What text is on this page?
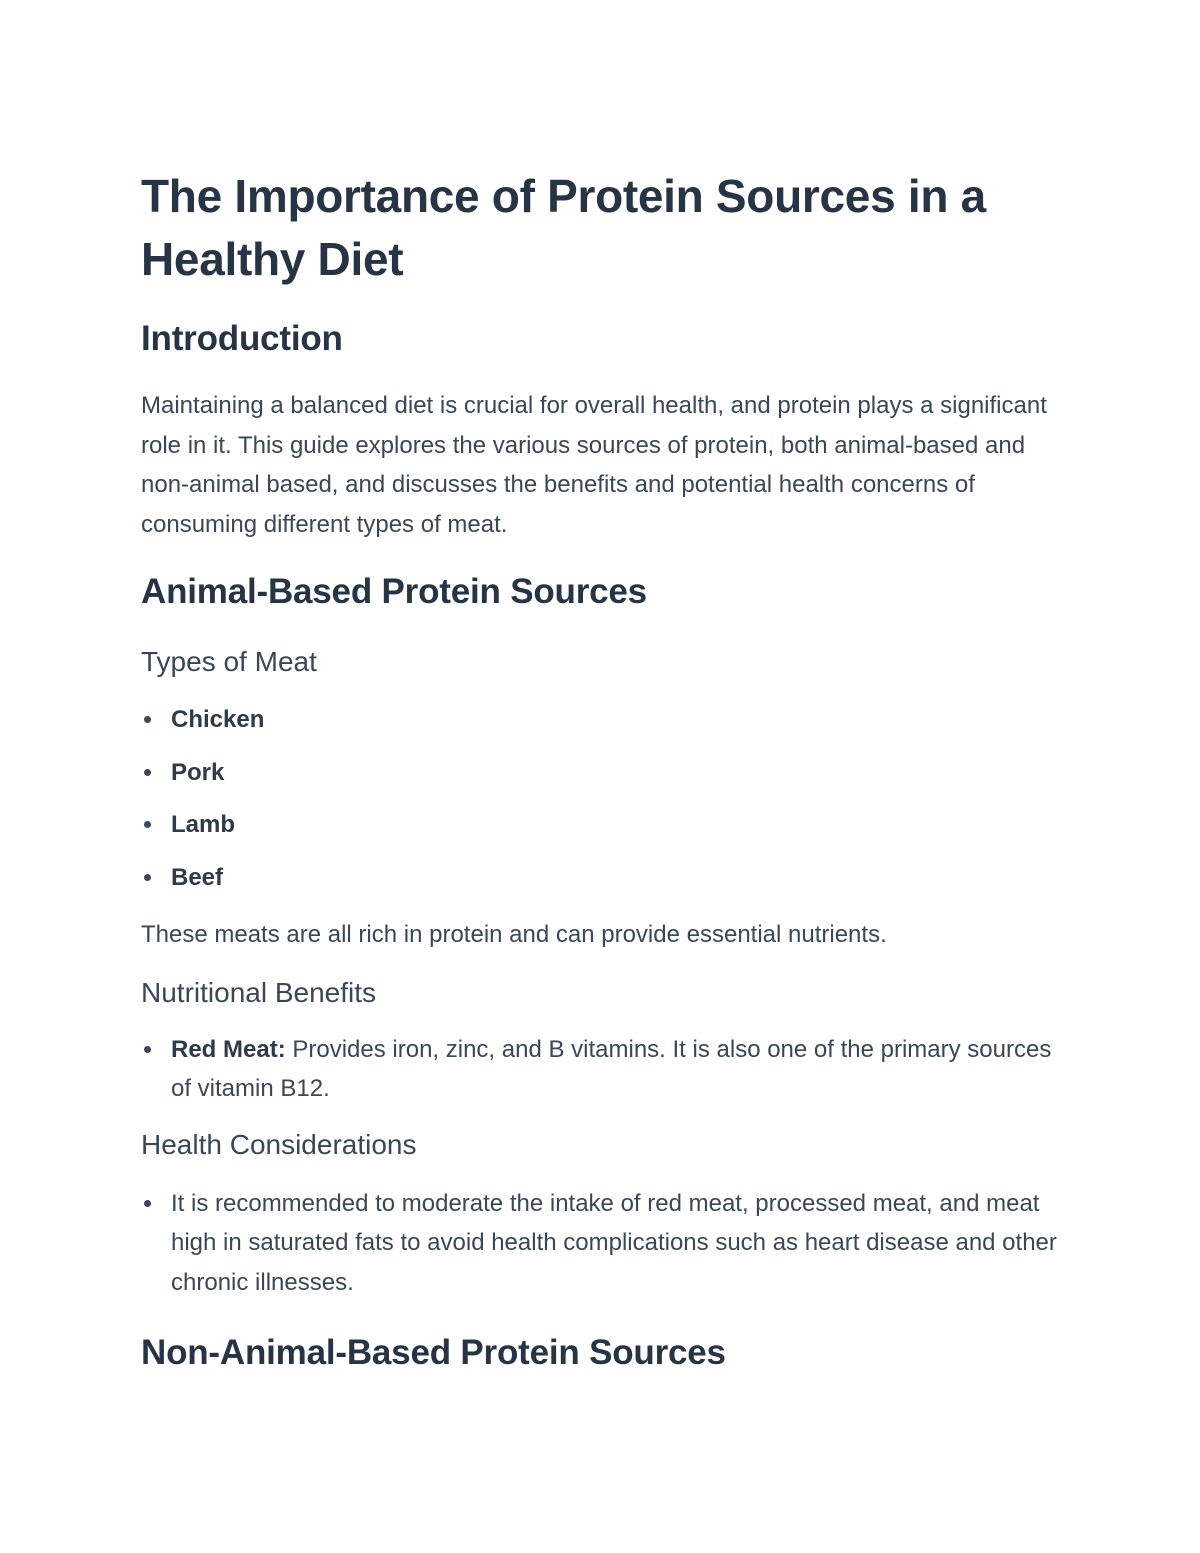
The Importance of Protein Sources in a Healthy Diet
Introduction

Maintaining a balanced diet is crucial for overall health, and protein plays a significant role in it. This guide explores the various sources of protein, both animal-based and non-animal based, and discusses the benefits and potential health concerns of consuming different types of meat.

Animal-Based Protein Sources
Types of Meat
Chicken
Pork
Lamb
Beef

These meats are all rich in protein and can provide essential nutrients.

Nutritional Benefits
Red Meat: Provides iron, zinc, and B vitamins. It is also one of the primary sources of vitamin B12.
Health Considerations
It is recommended to moderate the intake of red meat, processed meat, and meat high in saturated fats to avoid health complications such as heart disease and other chronic illnesses.
Non-Animal-Based Protein Sources
